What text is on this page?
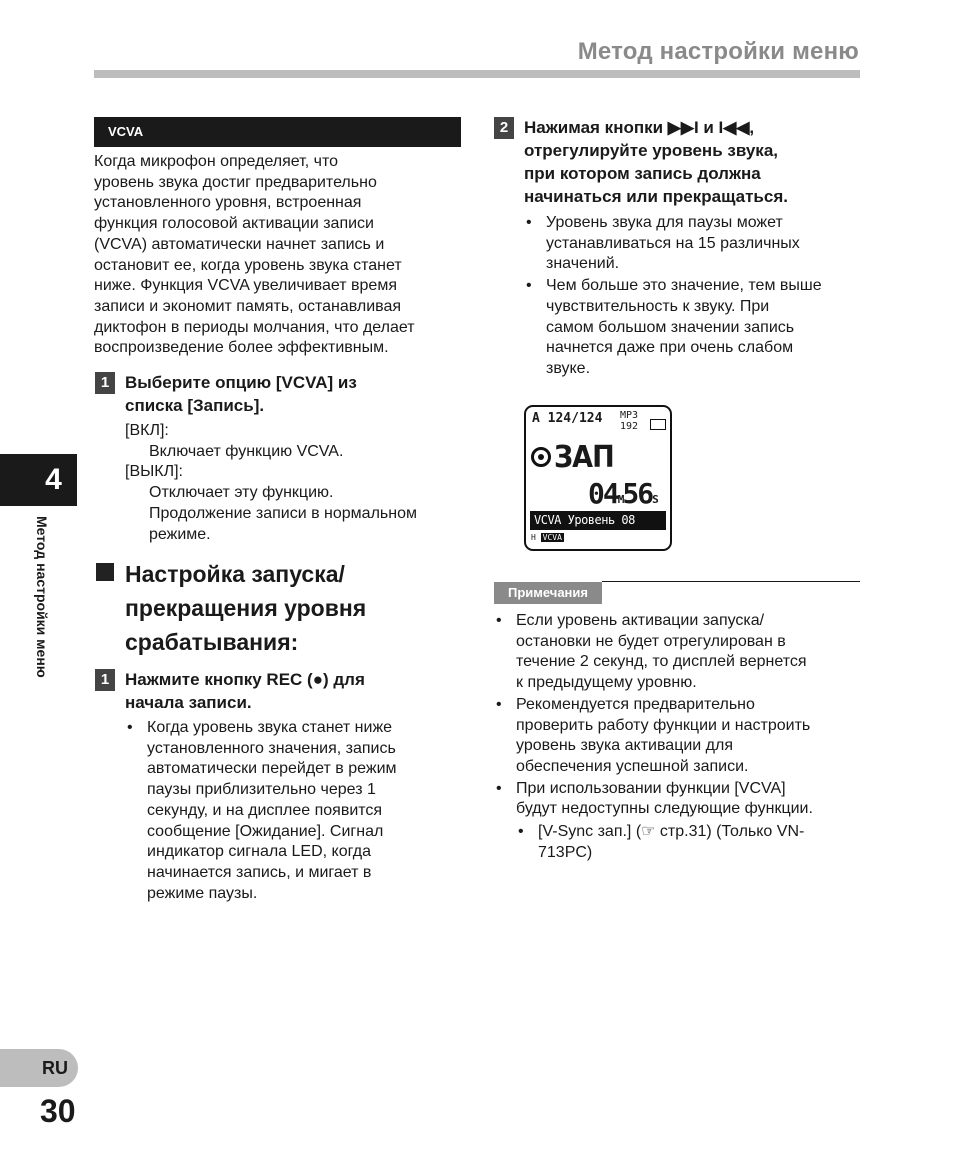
Метод настройки меню
VCVA
Когда микрофон определяет, что
уровень звука достиг предварительно
установленного уровня, встроенная
функция голосовой активации записи
(VCVA) автоматически начнет запись и
остановит ее, когда уровень звука станет
ниже. Функция VCVA увеличивает время
записи и экономит память, останавливая
диктофон в периоды молчания, что делает
воспроизведение более эффективным.
1 Выберите опцию [VCVA] из
списка [Запись].
[ВКЛ]:
Включает функцию VCVA.
[ВЫКЛ]:
Отключает эту функцию.
Продолжение записи в нормальном
режиме.
Настройка запуска/
прекращения уровня
срабатывания:
1 Нажмите кнопку REC (●) для
начала записи.
• Когда уровень звука станет ниже
установленного значения, запись
автоматически перейдет в режим
паузы приблизительно через 1
секунду, и на дисплее появится
сообщение [Ожидание]. Сигнал
индикатор сигнала LED, когда
начинается запись, и мигает в
режиме паузы.
2 Нажимая кнопки ▶▶I и I◀◀,
отрегулируйте уровень звука,
при котором запись должна
начинаться или прекращаться.
• Уровень звука для паузы может
устанавливаться на 15 различных
значений.
• Чем больше это значение, тем выше
чувствительность к звуку. При
самом большом значении запись
начнется даже при очень слабом
звуке.
A 124/124 MP3
192
ЗАП
04M56S
VCVA Уровень 08
H VCVA
Примечания
• Если уровень активации запуска/
остановки не будет отрегулирован в
течение 2 секунд, то дисплей вернется
к предыдущему уровню.
• Рекомендуется предварительно
проверить работу функции и настроить
уровень звука активации для
обеспечения успешной записи.
• При использовании функции [VCVA]
будут недоступны следующие функции.
• [V-Sync зап.] (☞ стр.31) (Только VN-
713PC)
4
Метод настройки меню
RU
30
